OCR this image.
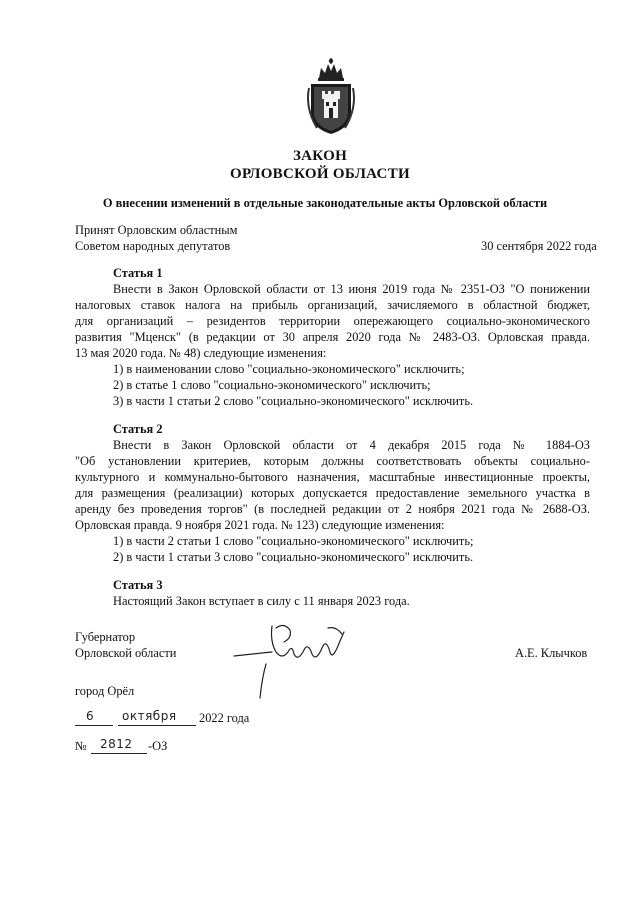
ЗАКОН
ОРЛОВСКОЙ ОБЛАСТИ
О внесении изменений в отдельные законодательные акты Орловской области
Принят Орловским областным
Советом народных депутатов	30 сентября 2022 года
Статья 1
Внести в Закон Орловской области от 13 июня 2019 года № 2351-ОЗ "О понижении
налоговых ставок налога на прибыль организаций, зачисляемого в областной бюджет,
для организаций – резидентов территории опережающего социально-экономического
развития "Мценск" (в редакции от 30 апреля 2020 года № 2483-ОЗ. Орловская правда.
13 мая 2020 года. № 48) следующие изменения:
1) в наименовании слово "социально-экономического" исключить;
2) в статье 1 слово "социально-экономического" исключить;
3) в части 1 статьи 2 слово "социально-экономического" исключить.
Статья 2
Внести в Закон Орловской области от 4 декабря 2015 года № 1884-ОЗ
"Об установлении критериев, которым должны соответствовать объекты социально-
культурного и коммунально-бытового назначения, масштабные инвестиционные проекты,
для размещения (реализации) которых допускается предоставление земельного участка в
аренду без проведения торгов" (в последней редакции от 2 ноября 2021 года № 2688-ОЗ.
Орловская правда. 9 ноября 2021 года. № 123) следующие изменения:
1) в части 2 статьи 1 слово "социально-экономического" исключить;
2) в части 1 статьи 3 слово "социально-экономического" исключить.
Статья 3
Настоящий Закон вступает в силу с 11 января 2023 года.
Губернатор
Орловской области	А.Е. Клычков
город Орёл
6 октября 2022 года
№ 2812 -ОЗ
